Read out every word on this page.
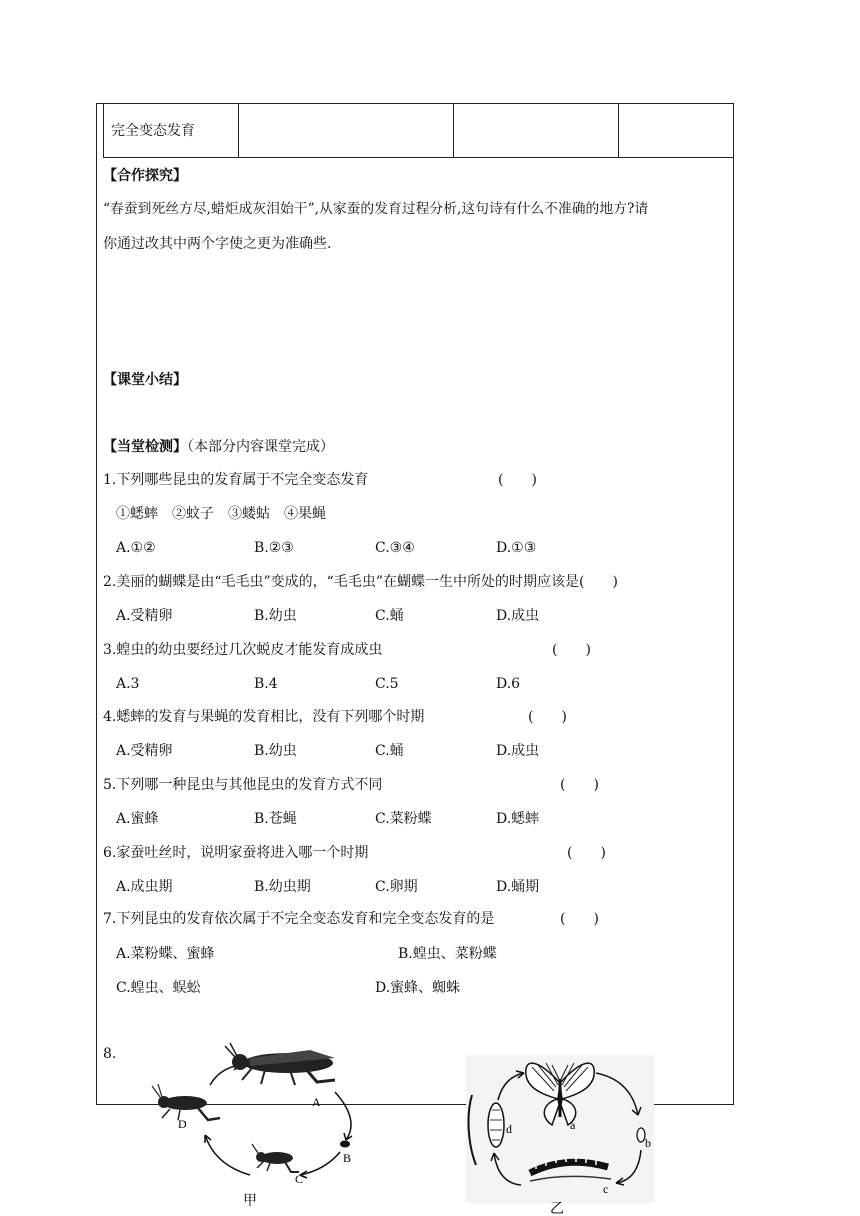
完全变态发育
【合作探究】
“春蚕到死丝方尽,蜡炬成灰泪始干”,从家蚕的发育过程分析,这句诗有什么不准确的地方?请
你通过改其中两个字使之更为准确些.
【课堂小结】
【当堂检测】（本部分内容课堂完成）
1.下列哪些昆虫的发育属于不完全变态发育	(　　)
①蟋蟀　②蚊子　③蝼蛄　④果蝇
A.①②	B.②③	C.③④	D.①③
2.美丽的蝴蝶是由“毛毛虫”变成的，“毛毛虫”在蝴蝶一生中所处的时期应该是(　　)
A.受精卵	B.幼虫	C.蛹	D.成虫
3.蝗虫的幼虫要经过几次蜕皮才能发育成成虫	(　　)
A.3	B.4	C.5	D.6
4.蟋蟀的发育与果蝇的发育相比，没有下列哪个时期	(　　)
A.受精卵	B.幼虫	C.蛹	D.成虫
5.下列哪一种昆虫与其他昆虫的发育方式不同	(　　)
A.蜜蜂	B.苍蝇	C.菜粉蝶	D.蟋蟀
6.家蚕吐丝时，说明家蚕将进入哪一个时期	(　　)
A.成虫期	B.幼虫期	C.卵期	D.蛹期
7.下列昆虫的发育依次属于不完全变态发育和完全变态发育的是	(　　)
A.菜粉蝶、蜜蜂	B.蝗虫、菜粉蝶
C.蝗虫、蜈蚣	D.蜜蜂、蜘蛛
8.
A
B
C
D
甲
a
b
c
d
乙
